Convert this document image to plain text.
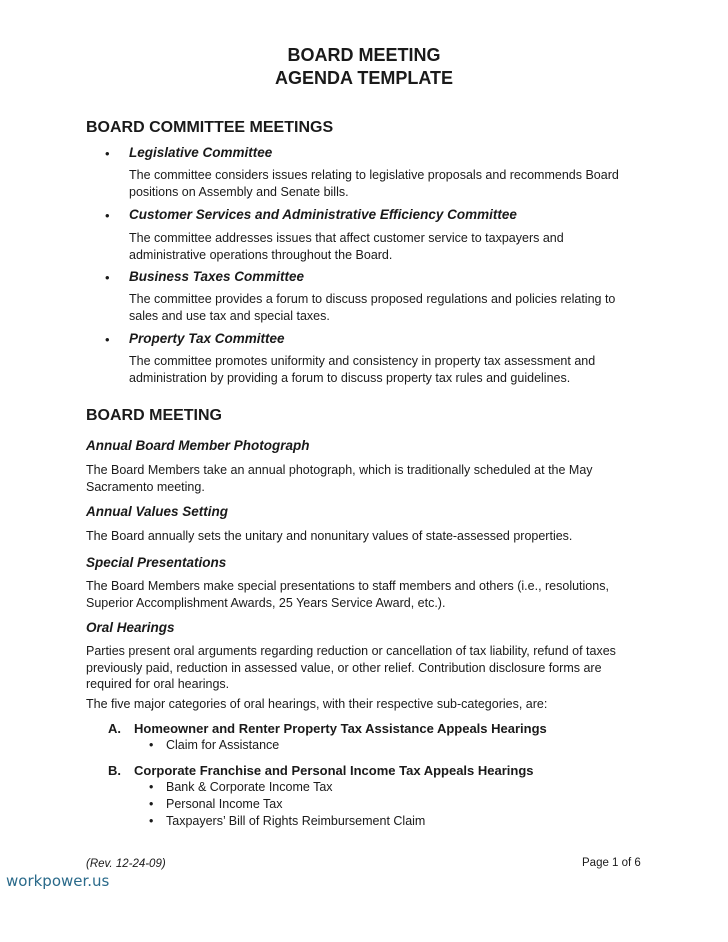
BOARD MEETING
AGENDA TEMPLATE
BOARD COMMITTEE MEETINGS
• Legislative Committee
The committee considers issues relating to legislative proposals and recommends Board
positions on Assembly and Senate bills.
• Customer Services and Administrative Efficiency Committee
The committee addresses issues that affect customer service to taxpayers and
administrative operations throughout the Board.
• Business Taxes Committee
The committee provides a forum to discuss proposed regulations and policies relating to
sales and use tax and special taxes.
• Property Tax Committee
The committee promotes uniformity and consistency in property tax assessment and
administration by providing a forum to discuss property tax rules and guidelines.
BOARD MEETING
Annual Board Member Photograph
The Board Members take an annual photograph, which is traditionally scheduled at the May
Sacramento meeting.
Annual Values Setting
The Board annually sets the unitary and nonunitary values of state-assessed properties.
Special Presentations
The Board Members make special presentations to staff members and others (i.e., resolutions,
Superior Accomplishment Awards, 25 Years Service Award, etc.).
Oral Hearings
Parties present oral arguments regarding reduction or cancellation of tax liability, refund of taxes
previously paid, reduction in assessed value, or other relief. Contribution disclosure forms are
required for oral hearings.
The five major categories of oral hearings, with their respective sub-categories, are:
A. Homeowner and Renter Property Tax Assistance Appeals Hearings
• Claim for Assistance
B. Corporate Franchise and Personal Income Tax Appeals Hearings
• Bank & Corporate Income Tax
• Personal Income Tax
• Taxpayers’ Bill of Rights Reimbursement Claim
(Rev. 12-24-09)	Page 1 of 6
workpower.us
